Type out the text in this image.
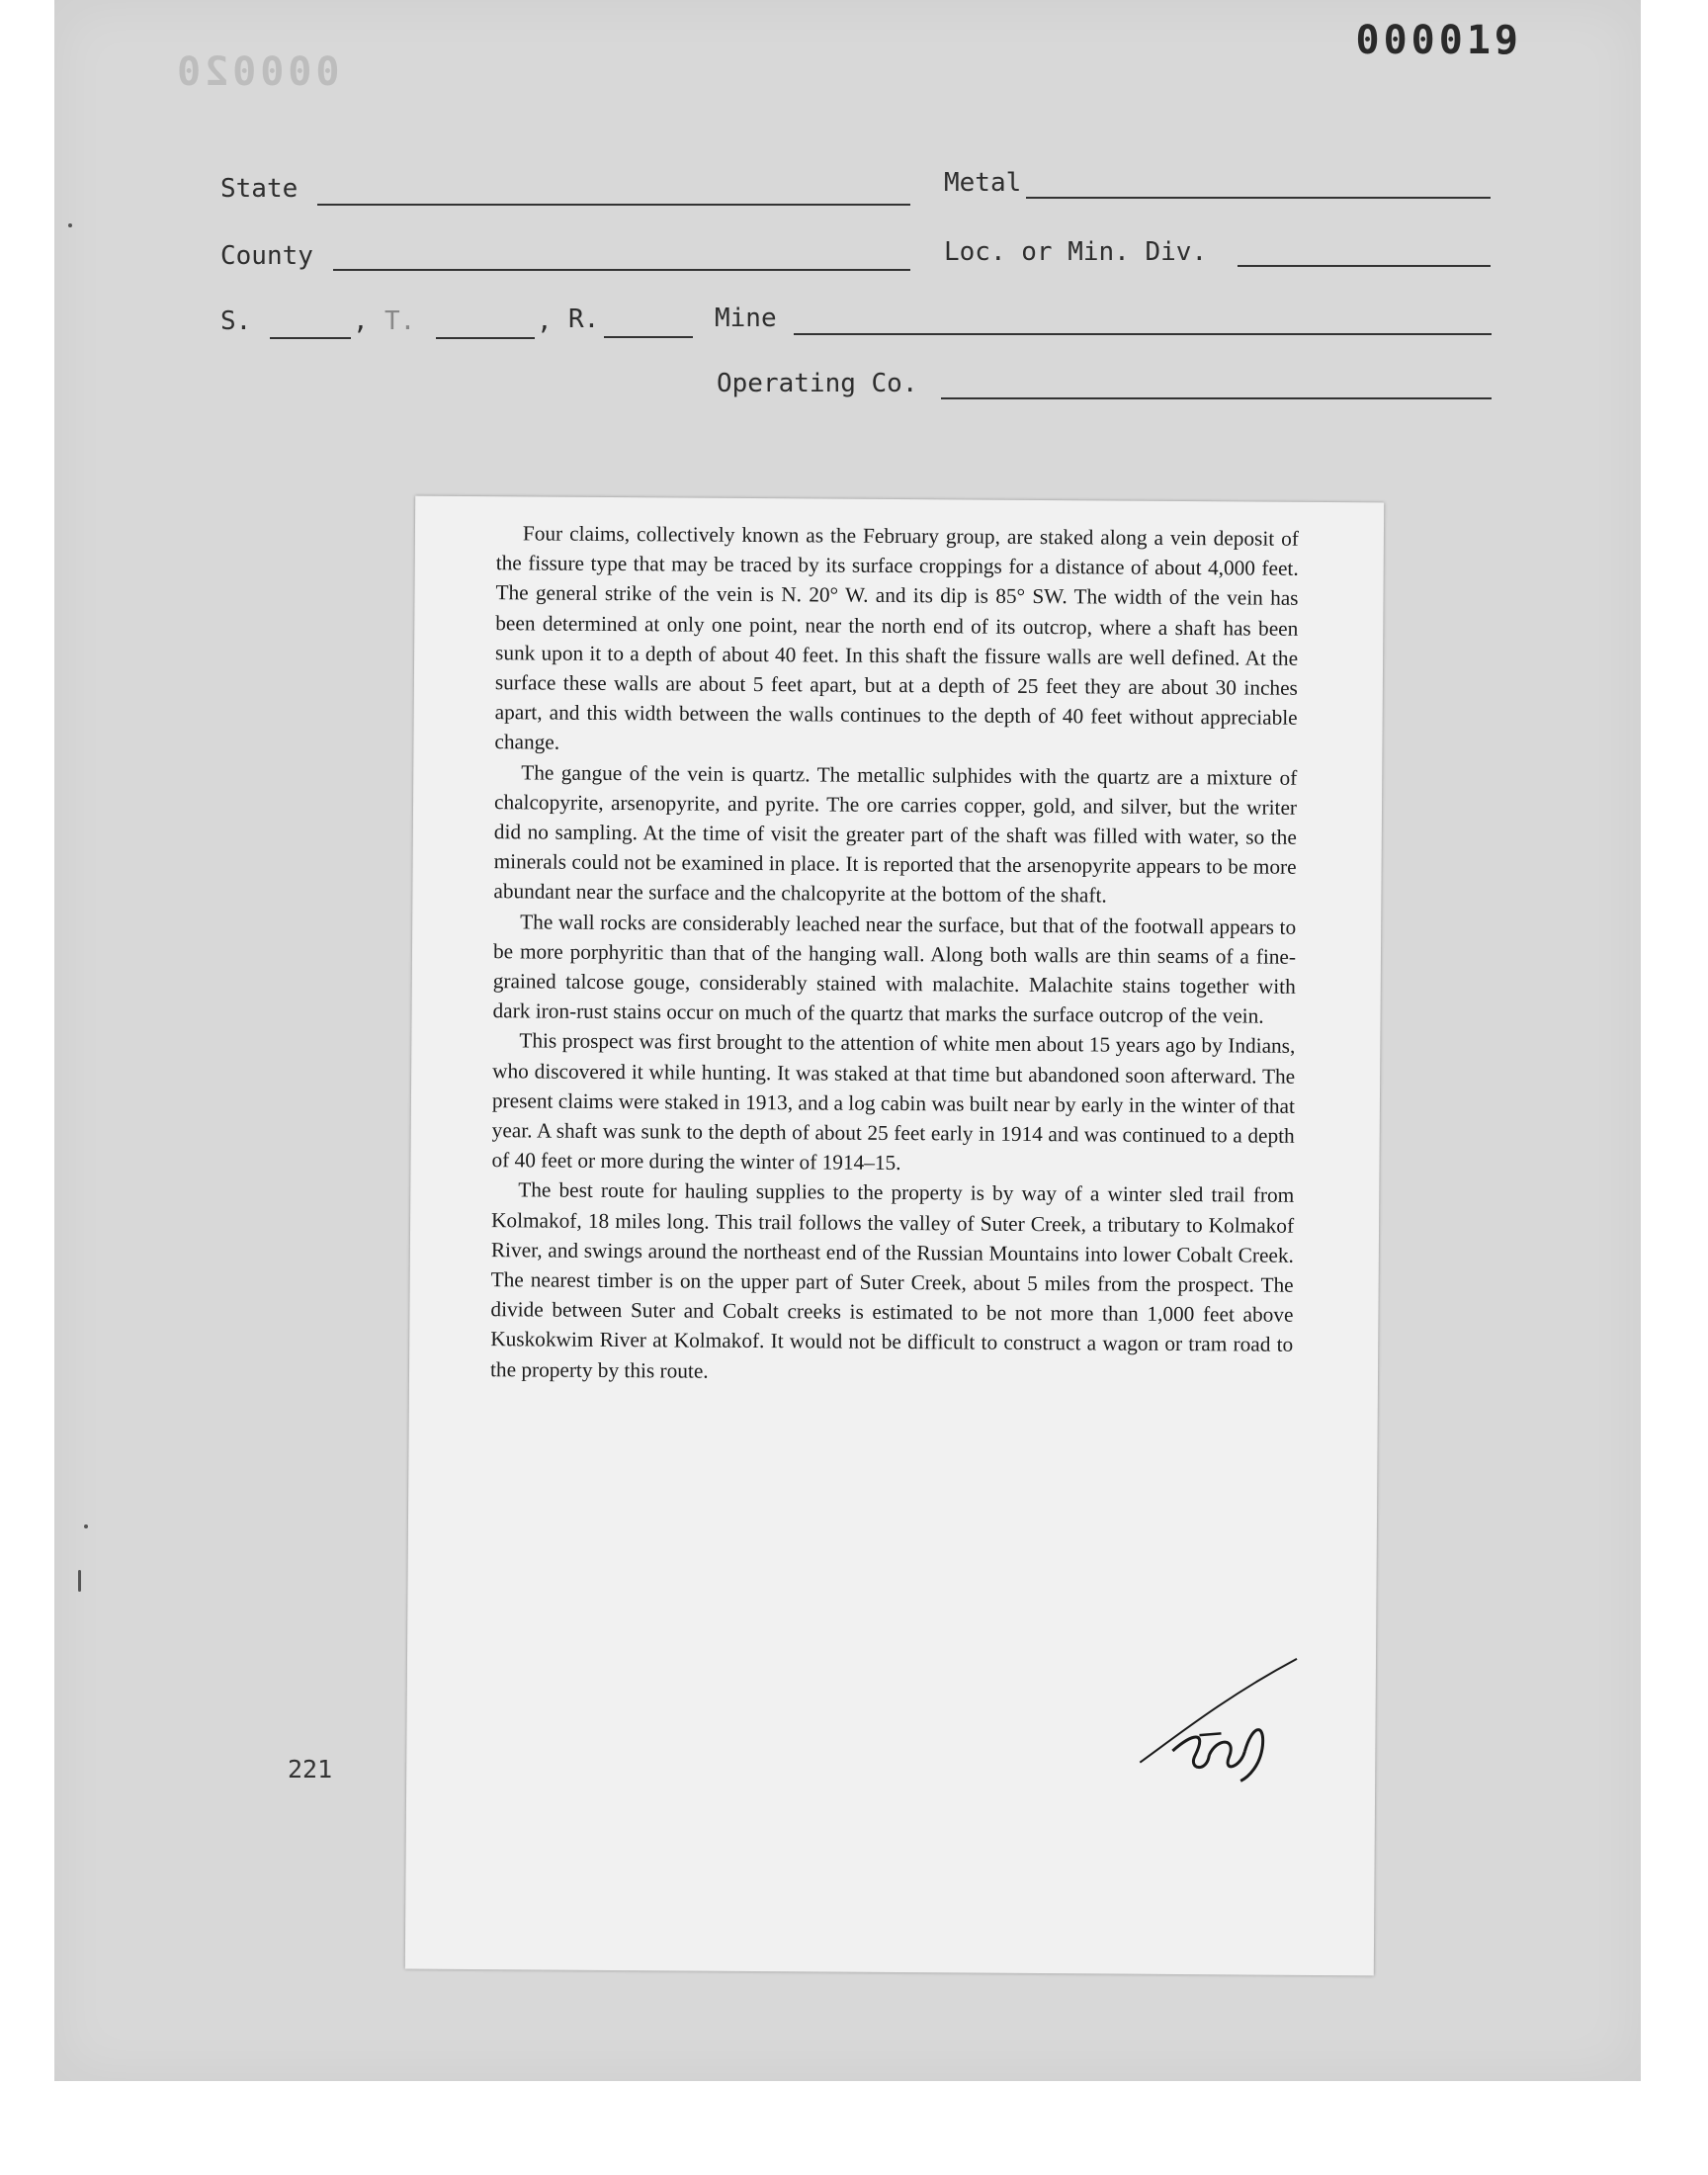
000020
000019
State	Metal
County	Loc. or Min. Div.
S.	, T.	, R.	Mine
Operating Co.

Four claims, collectively known as the February group, are staked along a vein deposit of the fissure type that may be traced by its surface croppings for a distance of about 4,000 feet. The general strike of the vein is N. 20° W. and its dip is 85° SW. The width of the vein has been determined at only one point, near the north end of its outcrop, where a shaft has been sunk upon it to a depth of about 40 feet. In this shaft the fissure walls are well defined. At the surface these walls are about 5 feet apart, but at a depth of 25 feet they are about 30 inches apart, and this width between the walls continues to the depth of 40 feet without appreciable change.

The gangue of the vein is quartz. The metallic sulphides with the quartz are a mixture of chalcopyrite, arsenopyrite, and pyrite. The ore carries copper, gold, and silver, but the writer did no sampling. At the time of visit the greater part of the shaft was filled with water, so the minerals could not be examined in place. It is reported that the arsenopyrite appears to be more abundant near the surface and the chalcopyrite at the bottom of the shaft.

The wall rocks are considerably leached near the surface, but that of the footwall appears to be more porphyritic than that of the hanging wall. Along both walls are thin seams of a fine-grained talcose gouge, considerably stained with malachite. Malachite stains together with dark iron-rust stains occur on much of the quartz that marks the surface outcrop of the vein.

This prospect was first brought to the attention of white men about 15 years ago by Indians, who discovered it while hunting. It was staked at that time but abandoned soon afterward. The present claims were staked in 1913, and a log cabin was built near by early in the winter of that year. A shaft was sunk to the depth of about 25 feet early in 1914 and was continued to a depth of 40 feet or more during the winter of 1914–15.

The best route for hauling supplies to the property is by way of a winter sled trail from Kolmakof, 18 miles long. This trail follows the valley of Suter Creek, a tributary to Kolmakof River, and swings around the northeast end of the Russian Mountains into lower Cobalt Creek. The nearest timber is on the upper part of Suter Creek, about 5 miles from the prospect. The divide between Suter and Cobalt creeks is estimated to be not more than 1,000 feet above Kuskokwim River at Kolmakof. It would not be difficult to construct a wagon or tram road to the property by this route.

221
